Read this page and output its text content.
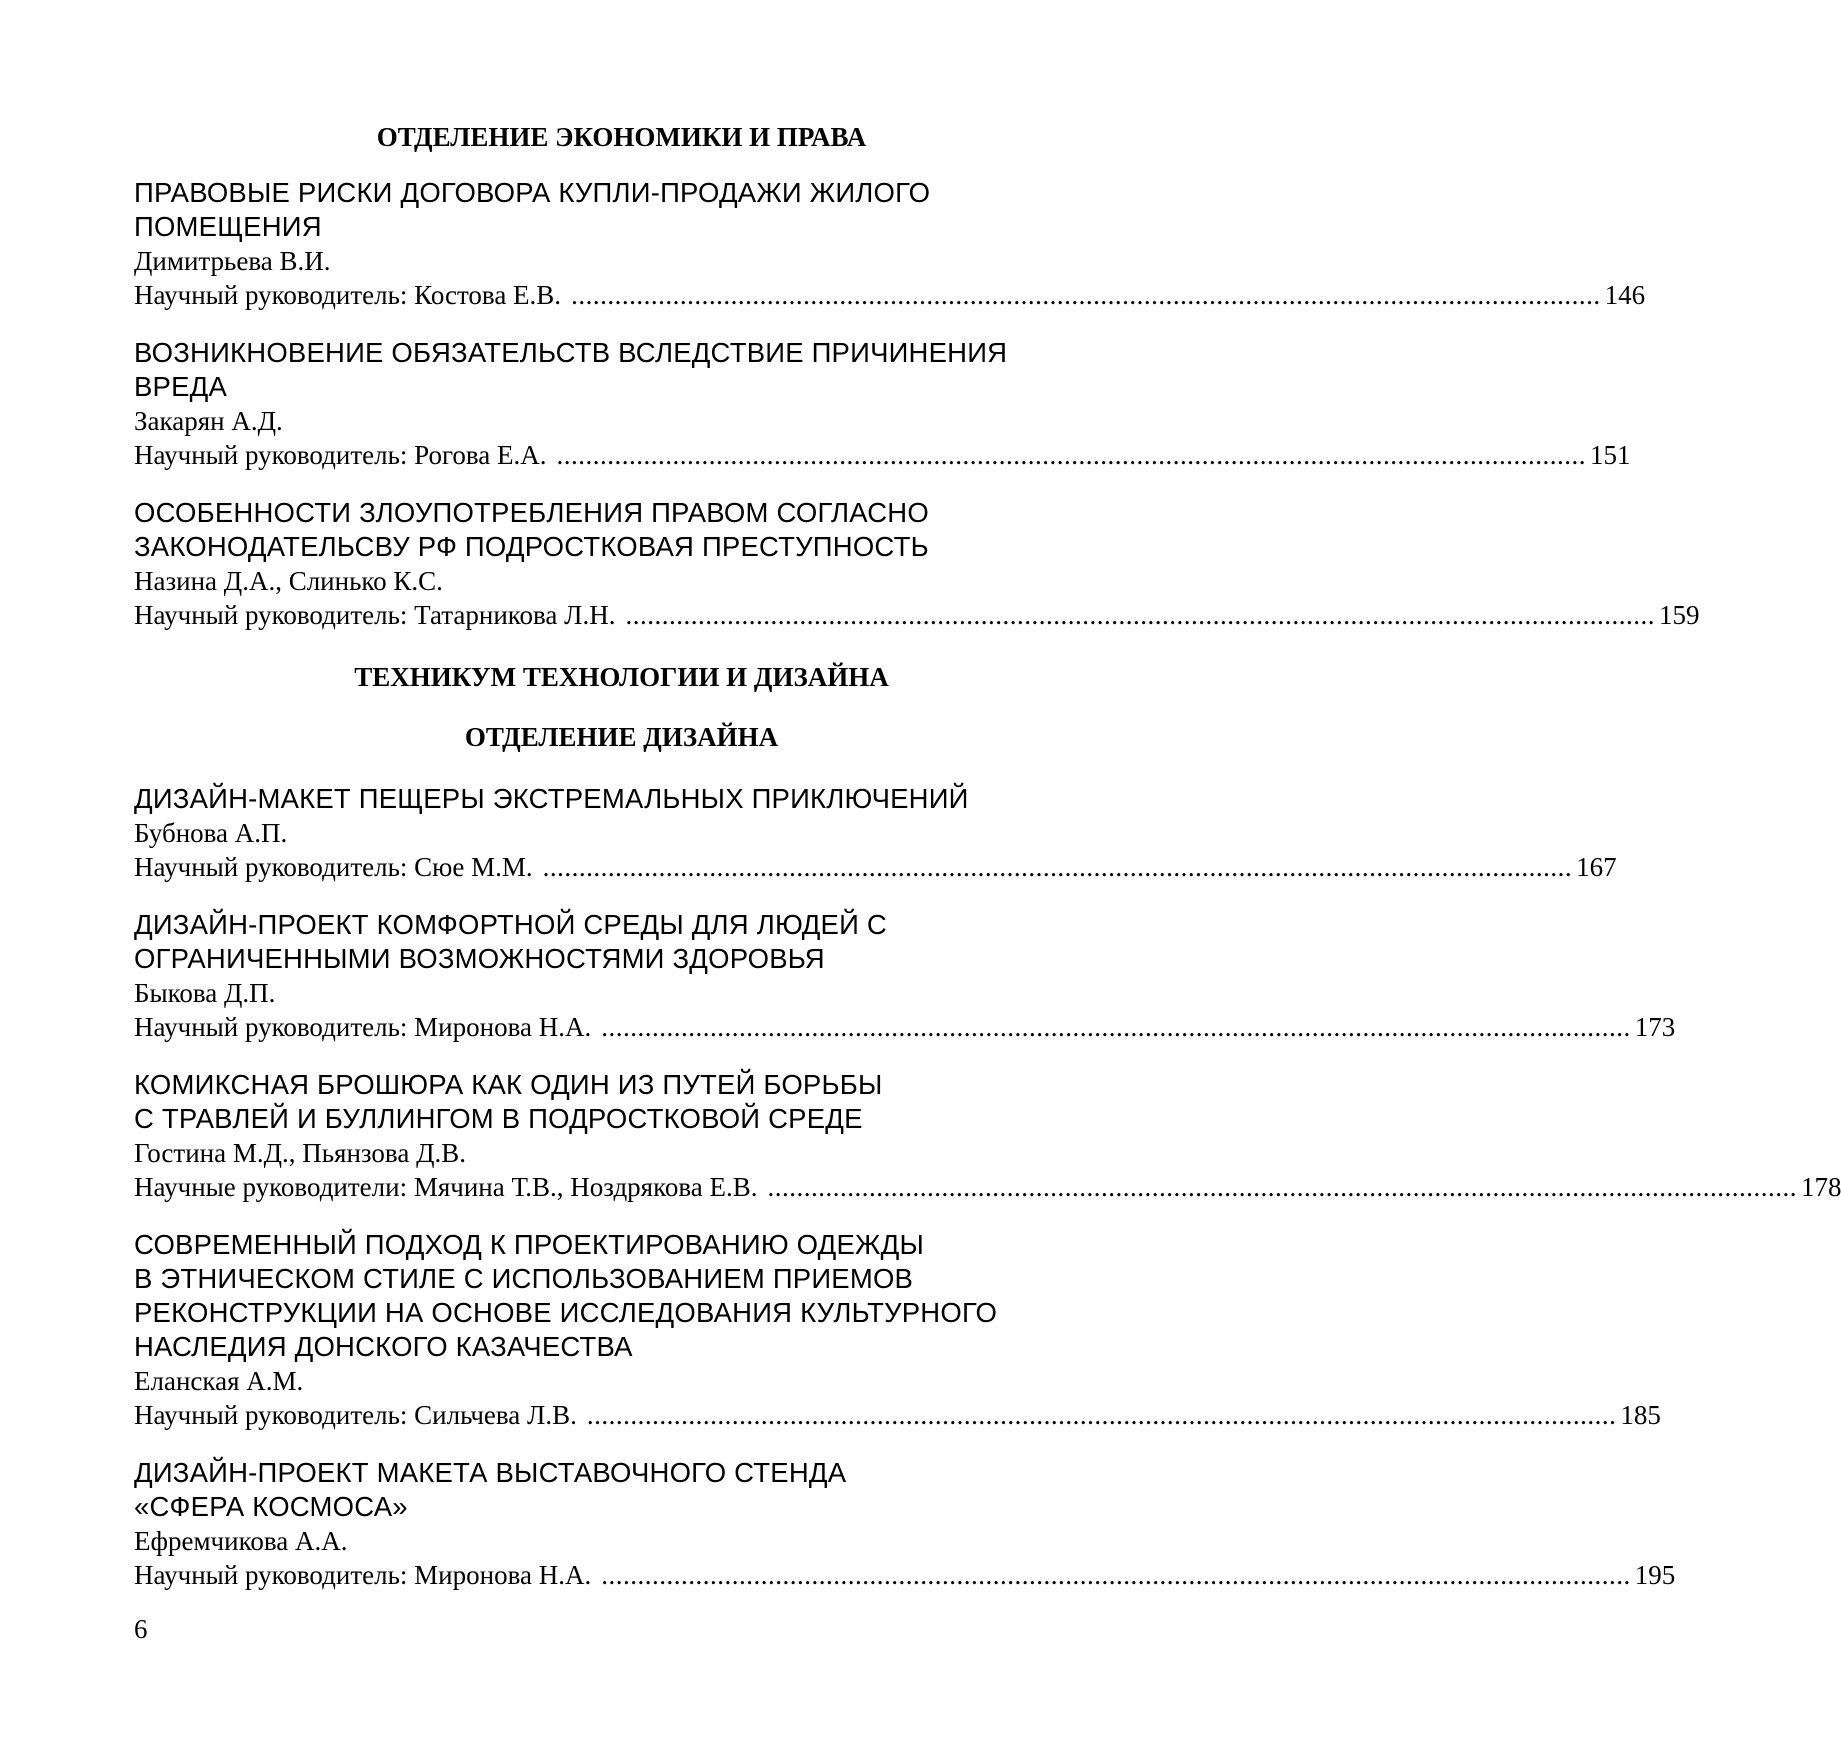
ОТДЕЛЕНИЕ ЭКОНОМИКИ И ПРАВА
ПРАВОВЫЕ РИСКИ ДОГОВОРА КУПЛИ-ПРОДАЖИ ЖИЛОГО
ПОМЕЩЕНИЯ
Димитрьева В.И.
Научный руководитель: Костова Е.В. .............................................................................................................................................. 146
ВОЗНИКНОВЕНИЕ ОБЯЗАТЕЛЬСТВ ВСЛЕДСТВИЕ ПРИЧИНЕНИЯ
ВРЕДА
Закарян А.Д.
Научный руководитель: Рогова Е.А. .............................................................................................................................................. 151
ОСОБЕННОСТИ ЗЛОУПОТРЕБЛЕНИЯ ПРАВОМ СОГЛАСНО
ЗАКОНОДАТЕЛЬСВУ РФ ПОДРОСТКОВАЯ ПРЕСТУПНОСТЬ
Назина Д.А., Слинько К.С.
Научный руководитель: Татарникова Л.Н. .............................................................................................................................................. 159
ТЕХНИКУМ ТЕХНОЛОГИИ И ДИЗАЙНА
ОТДЕЛЕНИЕ ДИЗАЙНА
ДИЗАЙН-МАКЕТ ПЕЩЕРЫ ЭКСТРЕМАЛЬНЫХ ПРИКЛЮЧЕНИЙ
Бубнова А.П.
Научный руководитель: Сюе М.М. .............................................................................................................................................. 167
ДИЗАЙН-ПРОЕКТ КОМФОРТНОЙ СРЕДЫ ДЛЯ ЛЮДЕЙ С
ОГРАНИЧЕННЫМИ ВОЗМОЖНОСТЯМИ ЗДОРОВЬЯ
Быкова Д.П.
Научный руководитель: Миронова Н.А. .............................................................................................................................................. 173
КОМИКСНАЯ БРОШЮРА КАК ОДИН ИЗ ПУТЕЙ БОРЬБЫ
С ТРАВЛЕЙ И БУЛЛИНГОМ В ПОДРОСТКОВОЙ СРЕДЕ
Гостина М.Д., Пьянзова Д.В.
Научные руководители: Мячина Т.В., Ноздрякова Е.В. .............................................................................................................................................. 178
СОВРЕМЕННЫЙ ПОДХОД К ПРОЕКТИРОВАНИЮ ОДЕЖДЫ
В ЭТНИЧЕСКОМ СТИЛЕ С ИСПОЛЬЗОВАНИЕМ ПРИЕМОВ
РЕКОНСТРУКЦИИ НА ОСНОВЕ ИССЛЕДОВАНИЯ КУЛЬТУРНОГО
НАСЛЕДИЯ ДОНСКОГО КАЗАЧЕСТВА
Еланская А.М.
Научный руководитель: Сильчева Л.В. .............................................................................................................................................. 185
ДИЗАЙН-ПРОЕКТ МАКЕТА ВЫСТАВОЧНОГО СТЕНДА
«СФЕРА КОСМОСА»
Ефремчикова А.А.
Научный руководитель: Миронова Н.А. .............................................................................................................................................. 195
6
